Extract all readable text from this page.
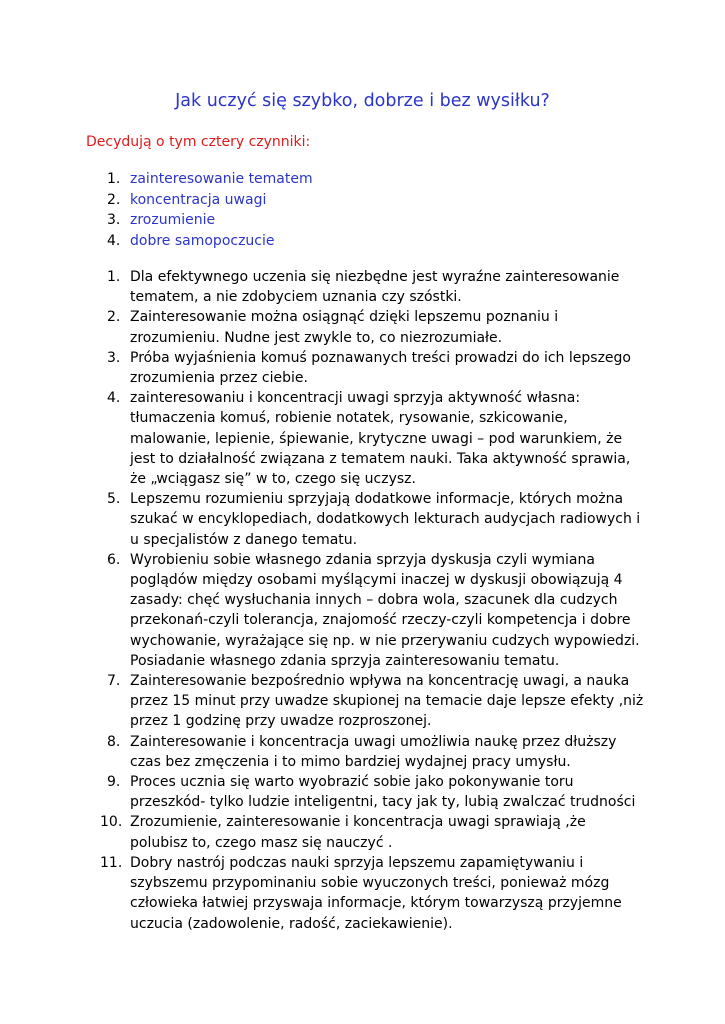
Jak uczyć się szybko, dobrze i bez wysiłku?

Decydują o tym cztery czynniki:

1. zainteresowanie tematem
2. koncentracja uwagi
3. zrozumienie
4. dobre samopoczucie
1. Dla efektywnego uczenia się niezbędne jest wyraźne zainteresowanie tematem, a nie zdobyciem uznania czy szóstki.
2. Zainteresowanie można osiągnąć dzięki lepszemu poznaniu i zrozumieniu. Nudne jest zwykle to, co niezrozumiałe.
3. Próba wyjaśnienia komuś poznawanych treści prowadzi do ich lepszego zrozumienia przez ciebie.
4. zainteresowaniu i koncentracji uwagi sprzyja aktywność własna: tłumaczenia komuś, robienie notatek, rysowanie, szkicowanie, malowanie, lepienie, śpiewanie, krytyczne uwagi – pod warunkiem, że jest to działalność związana z tematem nauki. Taka aktywność sprawia, że „wciągasz się” w to, czego się uczysz.
5. Lepszemu rozumieniu sprzyjają dodatkowe informacje, których można szukać w encyklopediach, dodatkowych lekturach audycjach radiowych i u specjalistów z danego tematu.
6. Wyrobieniu sobie własnego zdania sprzyja dyskusja czyli wymiana poglądów między osobami myślącymi inaczej w dyskusji obowiązują 4 zasady: chęć wysłuchania innych – dobra wola, szacunek dla cudzych przekonań-czyli tolerancja, znajomość rzeczy-czyli kompetencja i dobre wychowanie, wyrażające się np. w nie przerywaniu cudzych wypowiedzi. Posiadanie własnego zdania sprzyja zainteresowaniu tematu.
7. Zainteresowanie bezpośrednio wpływa na koncentrację uwagi, a nauka przez 15 minut przy uwadze skupionej na temacie daje lepsze efekty ,niż przez 1 godzinę przy uwadze rozproszonej.
8. Zainteresowanie i koncentracja uwagi umożliwia naukę przez dłuższy czas bez zmęczenia i to mimo bardziej wydajnej pracy umysłu.
9. Proces ucznia się warto wyobrazić sobie jako pokonywanie toru przeszkód- tylko ludzie inteligentni, tacy jak ty, lubią zwalczać trudności
10. Zrozumienie, zainteresowanie i koncentracja uwagi sprawiają ,że polubisz to, czego masz się nauczyć .
11. Dobry nastrój podczas nauki sprzyja lepszemu zapamiętywaniu i szybszemu przypominaniu sobie wyuczonych treści, ponieważ mózg człowieka łatwiej przyswaja informacje, którym towarzyszą przyjemne uczucia (zadowolenie, radość, zaciekawienie).
